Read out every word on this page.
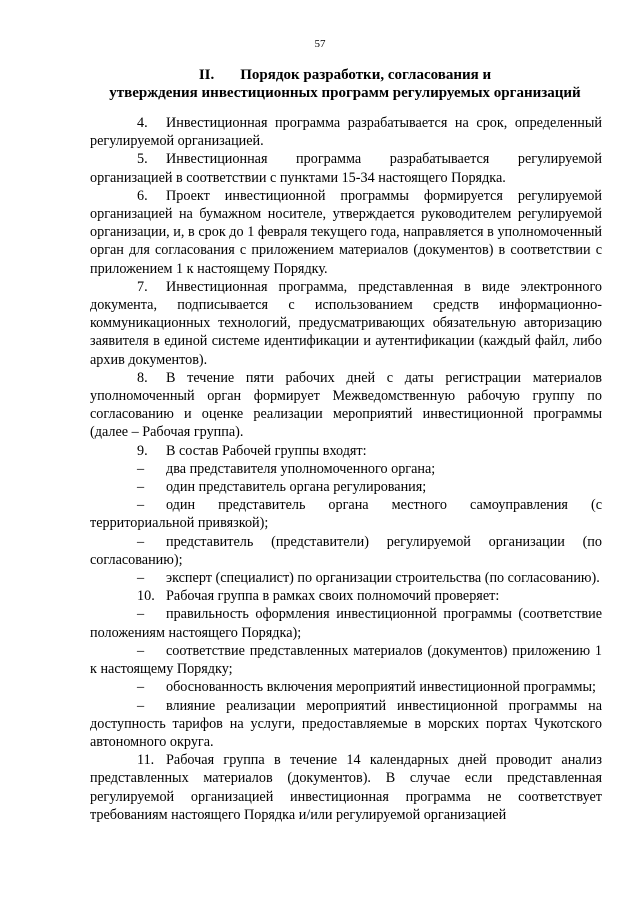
57
II. Порядок разработки, согласования и
утверждения инвестиционных программ регулируемых организаций

4. Инвестиционная программа разрабатывается на срок, определенный регулируемой организацией.

5. Инвестиционная программа разрабатывается регулируемой организацией в соответствии с пунктами 15-34 настоящего Порядка.

6. Проект инвестиционной программы формируется регулируемой организацией на бумажном носителе, утверждается руководителем регулируемой организации, и, в срок до 1 февраля текущего года, направляется в уполномоченный орган для согласования с приложением материалов (документов) в соответствии с приложением 1 к настоящему Порядку.

7. Инвестиционная программа, представленная в виде электронного документа, подписывается с использованием средств информационно-коммуникационных технологий, предусматривающих обязательную авторизацию заявителя в единой системе идентификации и аутентификации (каждый файл, либо архив документов).

8. В течение пяти рабочих дней с даты регистрации материалов уполномоченный орган формирует Межведомственную рабочую группу по согласованию и оценке реализации мероприятий инвестиционной программы (далее – Рабочая группа).

9. В состав Рабочей группы входят:

– два представителя уполномоченного органа;

– один представитель органа регулирования;

– один представитель органа местного самоуправления (с территориальной привязкой);

– представитель (представители) регулируемой организации (по согласованию);

– эксперт (специалист) по организации строительства (по согласованию).

10. Рабочая группа в рамках своих полномочий проверяет:

– правильность оформления инвестиционной программы (соответствие положениям настоящего Порядка);

– соответствие представленных материалов (документов) приложению 1 к настоящему Порядку;

– обоснованность включения мероприятий инвестиционной программы;

– влияние реализации мероприятий инвестиционной программы на доступность тарифов на услуги, предоставляемые в морских портах Чукотского автономного округа.

11. Рабочая группа в течение 14 календарных дней проводит анализ представленных материалов (документов). В случае если представленная регулируемой организацией инвестиционная программа не соответствует требованиям настоящего Порядка и/или регулируемой организацией
